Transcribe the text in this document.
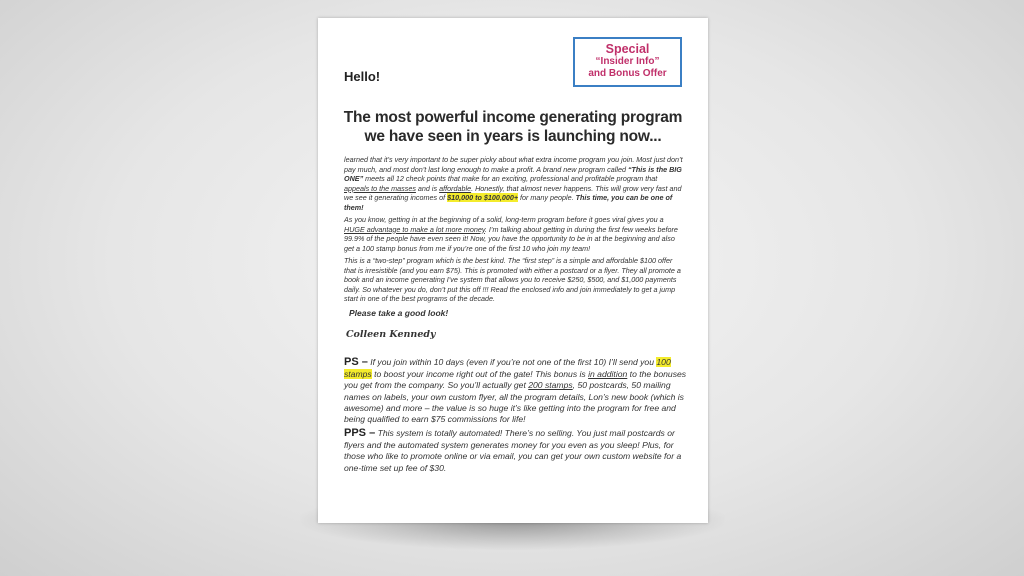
Special
“Insider Info”
and Bonus Offer
Hello!
The most powerful income generating program
we have seen in years is launching now...
learned that it’s very important to be super picky about what extra income program you join. Most just don’t pay much, and most don’t last long enough to make a profit. A brand new program called “This is the BIG ONE” meets all 12 check points that make for an exciting, professional and profitable program that appeals to the masses and is affordable. Honestly, that almost never happens. This will grow very fast and we see it generating incomes of $10,000 to $100,000+ for many people. This time, you can be one of them!
As you know, getting in at the beginning of a solid, long-term program before it goes viral gives you a HUGE advantage to make a lot more money. I’m talking about getting in during the first few weeks before 99.9% of the people have even seen it! Now, you have the opportunity to be in at the beginning and also get a 100 stamp bonus from me if you’re one of the first 10 who join my team!
This is a “two-step” program which is the best kind. The “first step” is a simple and affordable $100 offer that is irresistible (and you earn $75). This is promoted with either a postcard or a flyer. They all promote a book and an income generating I’ve system that allows you to receive $250, $500, and $1,000 payments daily. So whatever you do, don’t put this off !!! Read the enclosed info and join immediately to get a jump start in one of the best programs of the decade.
Please take a good look!
Colleen Kennedy
PS – If you join within 10 days (even if you’re not one of the first 10) I’ll send you 100 stamps to boost your income right out of the gate! This bonus is in addition to the bonuses you get from the company. So you’ll actually get 200 stamps, 50 postcards, 50 mailing names on labels, your own custom flyer, all the program details, Lon’s new book (which is awesome) and more – the value is so huge it’s like getting into the program for free and being qualified to earn $75 commissions for life!
PPS – This system is totally automated! There’s no selling. You just mail postcards or flyers and the automated system generates money for you even as you sleep! Plus, for those who like to promote online or via email, you can get your own custom website for a one-time set up fee of $30.
